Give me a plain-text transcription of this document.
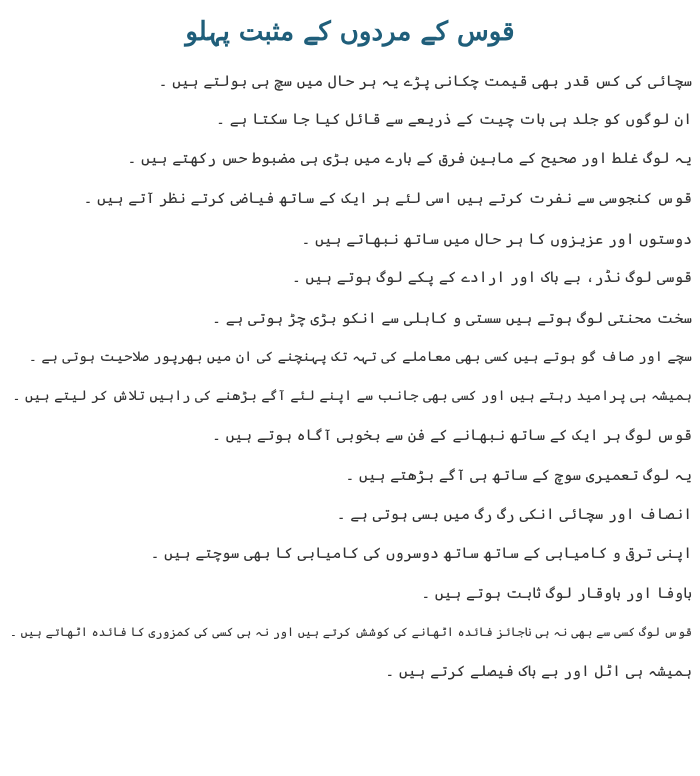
قوس کے مردوں کے مثبت پہلو
سچائی کی کس قدر بھی قیمت چکانی پڑے یہ ہر حال میں سچ ہی بولتے ہیں ۔
ان لوگوں کو جلد ہی بات چیت کے ذریعے سے قائل کیا جا سکتا ہے ۔
یہ لوگ غلط اور صحیح کے مابین فرق کے بارے میں بڑی ہی مضبوط حس رکھتے ہیں ۔
قوس کنجوسی سے نفرت کرتے ہیں اسی لئے ہر ایک کے ساتھ فیاضی کرتے نظر آتے ہیں ۔
دوستوں اور عزیزوں کا ہر حال میں ساتھ نبھاتے ہیں ۔
قوسی لوگ نڈر، بے باک اور ارادے کے پکے لوگ ہوتے ہیں ۔
سخت محنتی لوگ ہوتے ہیں سستی و کاہلی سے انکو بڑی چڑ ہوتی ہے ۔
سچے اور صاف گو ہوتے ہیں کسی بھی معاملے کی تہہ تک پہنچنے کی ان میں بھرپور صلاحیت ہوتی ہے ۔
ہمیشہ ہی پرامید رہتے ہیں اور کسی بھی جانب سے اپنے لئے آگے بڑھنے کی راہیں تلاش کر لیتے ہیں ۔
قوس لوگ ہر ایک کے ساتھ نبھانے کے فن سے بخوبی آگاہ ہوتے ہیں ۔
یہ لوگ تعمیری سوچ کے ساتھ ہی آگے بڑھتے ہیں ۔
انصاف اور سچائی انکی رگ رگ میں بسی ہوتی ہے ۔
اپنی ترقی و کامیابی کے ساتھ ساتھ دوسروں کی کامیابی کا بھی سوچتے ہیں ۔
باوفا اور باوقار لوگ ثابت ہوتے ہیں ۔
قوس لوگ کسی سے بھی نہ ہی ناجائز فائدہ اٹھانے کی کوشش کرتے ہیں اور نہ ہی کسی کی کمزوری کا فائدہ اٹھاتے ہیں ۔
ہمیشہ ہی اٹل اور بے باک فیصلے کرتے ہیں ۔
